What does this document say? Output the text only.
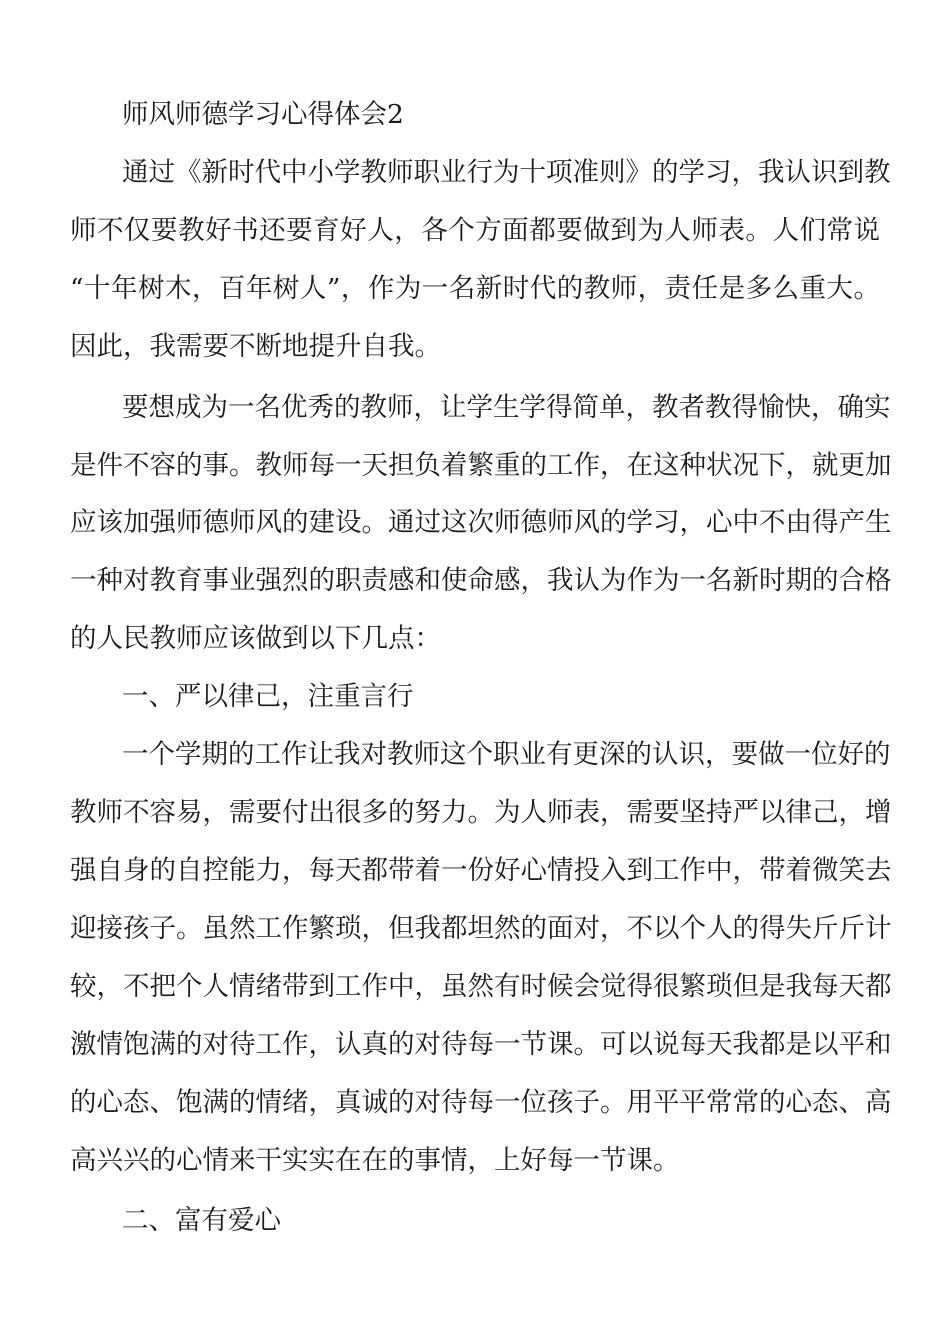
师风师德学习心得体会2
通过《新时代中小学教师职业行为十项准则》的学习，我认识到教
师不仅要教好书还要育好人，各个方面都要做到为人师表。人们常说
“十年树木，百年树人”，作为一名新时代的教师，责任是多么重大。
因此，我需要不断地提升自我。
要想成为一名优秀的教师，让学生学得简单，教者教得愉快，确实
是件不容的事。教师每一天担负着繁重的工作，在这种状况下，就更加
应该加强师德师风的建设。通过这次师德师风的学习，心中不由得产生
一种对教育事业强烈的职责感和使命感，我认为作为一名新时期的合格
的人民教师应该做到以下几点：
一、严以律己，注重言行
一个学期的工作让我对教师这个职业有更深的认识，要做一位好的
教师不容易，需要付出很多的努力。为人师表，需要坚持严以律己，增
强自身的自控能力，每天都带着一份好心情投入到工作中，带着微笑去
迎接孩子。虽然工作繁琐，但我都坦然的面对，不以个人的得失斤斤计
较，不把个人情绪带到工作中，虽然有时候会觉得很繁琐但是我每天都
激情饱满的对待工作，认真的对待每一节课。可以说每天我都是以平和
的心态、饱满的情绪，真诚的对待每一位孩子。用平平常常的心态、高
高兴兴的心情来干实实在在的事情，上好每一节课。
二、富有爱心
